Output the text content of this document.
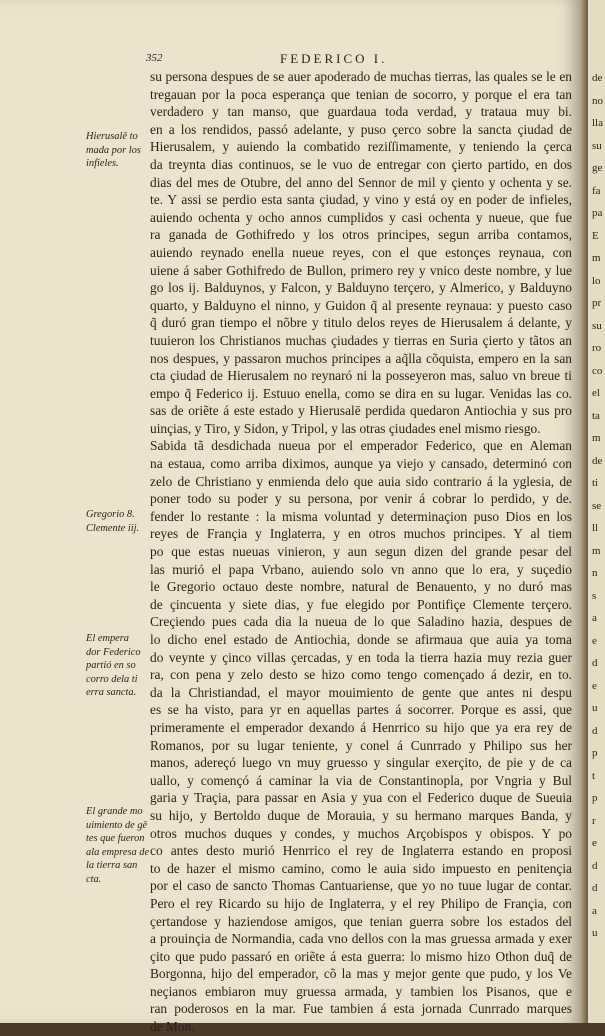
352	FEDERICO I.
Hierusalē to
mada por los
infieles.
Gregorio 8.
Clemente iij.
El empera
dor Federico
partió en so
corro dela ti
erra sancta.
El grande mo
uimiento de gē
tes que fueron
ala empresa de
la tierra san
cta.
su persona despues de se auer apoderado de muchas tierras, las quales se le en
tregauan por la poca esperança que tenian de socorro, y porque el era tan
verdadero y tan manso, que guardaua toda verdad, y trataua muy bi.
en a los rendidos, passó adelante, y puso çerco sobre la sancta çiudad de
Hierusalem, y auiendo la combatido reziſſimamente, y teniendo la çerca
da treynta dias continuos, se le vuo de entregar con çierto partido, en dos
dias del mes de Otubre, del anno del Sennor de mil y çiento y ochenta y se.
te. Y assi se perdio esta santa çiudad, y vino y está oy en poder de infieles,
auiendo ochenta y ocho annos cumplidos y casi ochenta y nueue, que fue
ra ganada de Gothifredo y los otros principes, segun arriba contamos,
auiendo reynado enella nueue reyes, con el que estonçes reynaua, con
uiene á saber Gothifredo de Bullon, primero rey y vnico deste nombre, y lue
go los ij. Balduynos, y Falcon, y Balduyno terçero, y Almerico, y Balduyno
quarto, y Balduyno el ninno, y Guidon q̃ al presente reynaua: y puesto caso
q̃ duró gran tiempo el nõbre y titulo delos reyes de Hierusalem á delante, y
tuuieron los Christianos muchas çiudades y tierras en Suria çierto y tãtos an
nos despues, y passaron muchos principes a aq̃lla cõquista, empero en la san
cta çiudad de Hierusalem no reynaró ni la posseyeron mas, saluo vn breue ti
empo q̃ Federico ij. Estuuo enella, como se dira en su lugar. Venidas las co.
sas de oriẽte á este estado y Hierusalē perdida quedaron Antiochia y sus pro
uinçias, y Tiro, y Sidon, y Tripol, y las otras çiudades enel mismo riesgo.
Sabida tã desdichada nueua por el emperador Federico, que en Aleman
na estaua, como arriba diximos, aunque ya viejo y cansado, determinó con
zelo de Christiano y enmienda delo que auia sido contrario á la yglesia, de
poner todo su poder y su persona, por venir á cobrar lo perdido, y de.
fender lo restante : la misma voluntad y determinaçion puso Dios en los
reyes de Françia y Inglaterra, y en otros muchos principes. Y al tiem
po que estas nueuas vinieron, y aun segun dizen del grande pesar del
las murió el papa Vrbano, auiendo solo vn anno que lo era, y suçedio
le Gregorio octauo deste nombre, natural de Benauento, y no duró mas
de çincuenta y siete dias, y fue elegido por Pontifiçe Clemente terçero.
Creçiendo pues cada dia la nueua de lo que Saladino hazia, despues de
lo dicho enel estado de Antiochia, donde se afirmaua que auia ya toma
do veynte y çinco villas çercadas, y en toda la tierra hazia muy rezia guer
ra, con pena y zelo desto se hizo como tengo començado á dezir, en to.
da la Christiandad, el mayor mouimiento de gente que antes ni despu
es se ha visto, para yr en aquellas partes á socorrer. Porque es assi, que
primeramente el emperador dexando á Henrrico su hijo que ya era rey de
Romanos, por su lugar teniente, y conel á Cunrrado y Philipo sus her
manos, adereçó luego vn muy gruesso y singular exerçito, de pie y de ca
uallo, y començó á caminar la via de Constantinopla, por Vngria y Bul
garia y Traçia, para passar en Asia y yua con el Federico duque de Sueuia
su hijo, y Bertoldo duque de Morauia, y su hermano marques Banda, y
otros muchos duques y condes, y muchos Arçobispos y obispos. Y po
co antes desto murió Henrrico el rey de Inglaterra estando en proposi
to de hazer el mismo camino, como le auia sido impuesto en penitençia
por el caso de sancto Thomas Cantuariense, que yo no tuue lugar de contar.
Pero el rey Ricardo su hijo de Inglaterra, y el rey Philipo de Françia, con
çertandose y haziendose amigos, que tenian guerra sobre los estados del
a prouinçia de Normandia, cada vno dellos con la mas gruessa armada y exer
çito que pudo passaró en oriẽte á esta guerra: lo mismo hizo Othon duq̃ de
Borgonna, hijo del emperador, cõ la mas y mejor gente que pudo, y los Ve
neçianos embiaron muy gruessa armada, y tambien los Pisanos, que e
ran poderosos en la mar. Fue tambien á esta jornada Cunrrado marques
de Mon.
de
no
lla
su
ge
fa
pa
E
m
lo
pr
su
ro
co
el
ta
m
de
ti
se
ll
m
n
s
a
e
d
e
u
d
p
t
p
r
e
d
d
a
u
